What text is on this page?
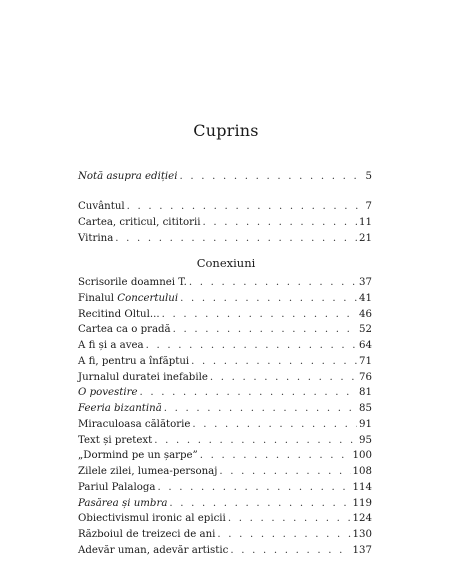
Cuprins
Notă asupra ediției . . .	5
Cuvântul . . .	7
Cartea, criticul, cititorii . . .	11
Vitrina . . .	21
Conexiuni
Scrisorile doamnei T. . . .	37
Finalul Concertului . . .	41
Recitind Oltul... . . .	46
Cartea ca o pradă . . .	52
A fi și a avea . . .	64
A fi, pentru a înfăptui . . .	71
Jurnalul duratei inefabile . . .	76
O povestire . . .	81
Feeria bizantină . . .	85
Miraculoasa călătorie . . .	91
Text și pretext . . .	95
„Dormind pe un șarpe” . . .	100
Zilele zilei, lumea-personaj . . .	108
Pariul Palaloga . . .	114
Pasărea și umbra . . .	119
Obiectivismul ironic al epicii . . .	124
Războiul de treizeci de ani . . .	130
Adevăr uman, adevăr artistic . . .	137
